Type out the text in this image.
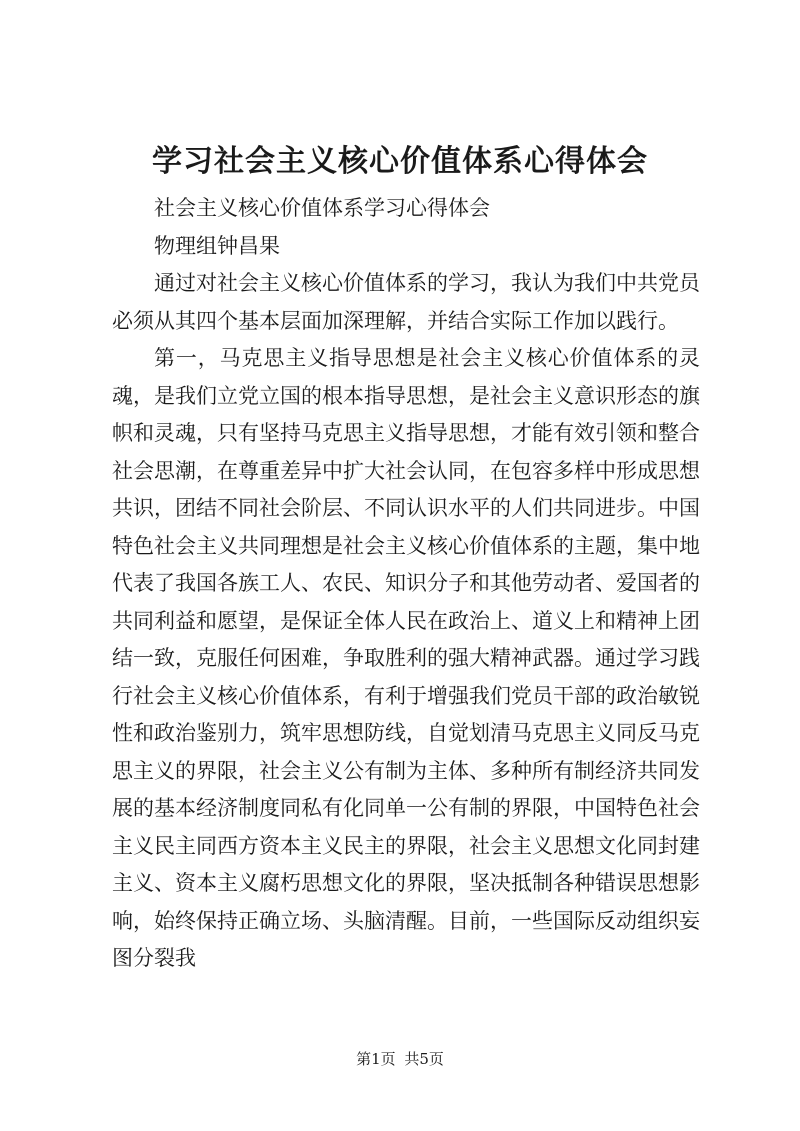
学习社会主义核心价值体系心得体会

社会主义核心价值体系学习心得体会

物理组钟昌果

通过对社会主义核心价值体系的学习，我认为我们中共党员必须从其四个基本层面加深理解，并结合实际工作加以践行。

第一，马克思主义指导思想是社会主义核心价值体系的灵魂，是我们立党立国的根本指导思想，是社会主义意识形态的旗帜和灵魂，只有坚持马克思主义指导思想，才能有效引领和整合社会思潮，在尊重差异中扩大社会认同，在包容多样中形成思想共识，团结不同社会阶层、不同认识水平的人们共同进步。中国特色社会主义共同理想是社会主义核心价值体系的主题，集中地代表了我国各族工人、农民、知识分子和其他劳动者、爱国者的共同利益和愿望，是保证全体人民在政治上、道义上和精神上团结一致，克服任何困难，争取胜利的强大精神武器。通过学习践行社会主义核心价值体系，有利于增强我们党员干部的政治敏锐性和政治鉴别力，筑牢思想防线，自觉划清马克思主义同反马克思主义的界限，社会主义公有制为主体、多种所有制经济共同发展的基本经济制度同私有化同单一公有制的界限，中国特色社会主义民主同西方资本主义民主的界限，社会主义思想文化同封建主义、资本主义腐朽思想文化的界限，坚决抵制各种错误思想影响，始终保持正确立场、头脑清醒。目前，一些国际反动组织妄图分裂我

第1页 共5页
